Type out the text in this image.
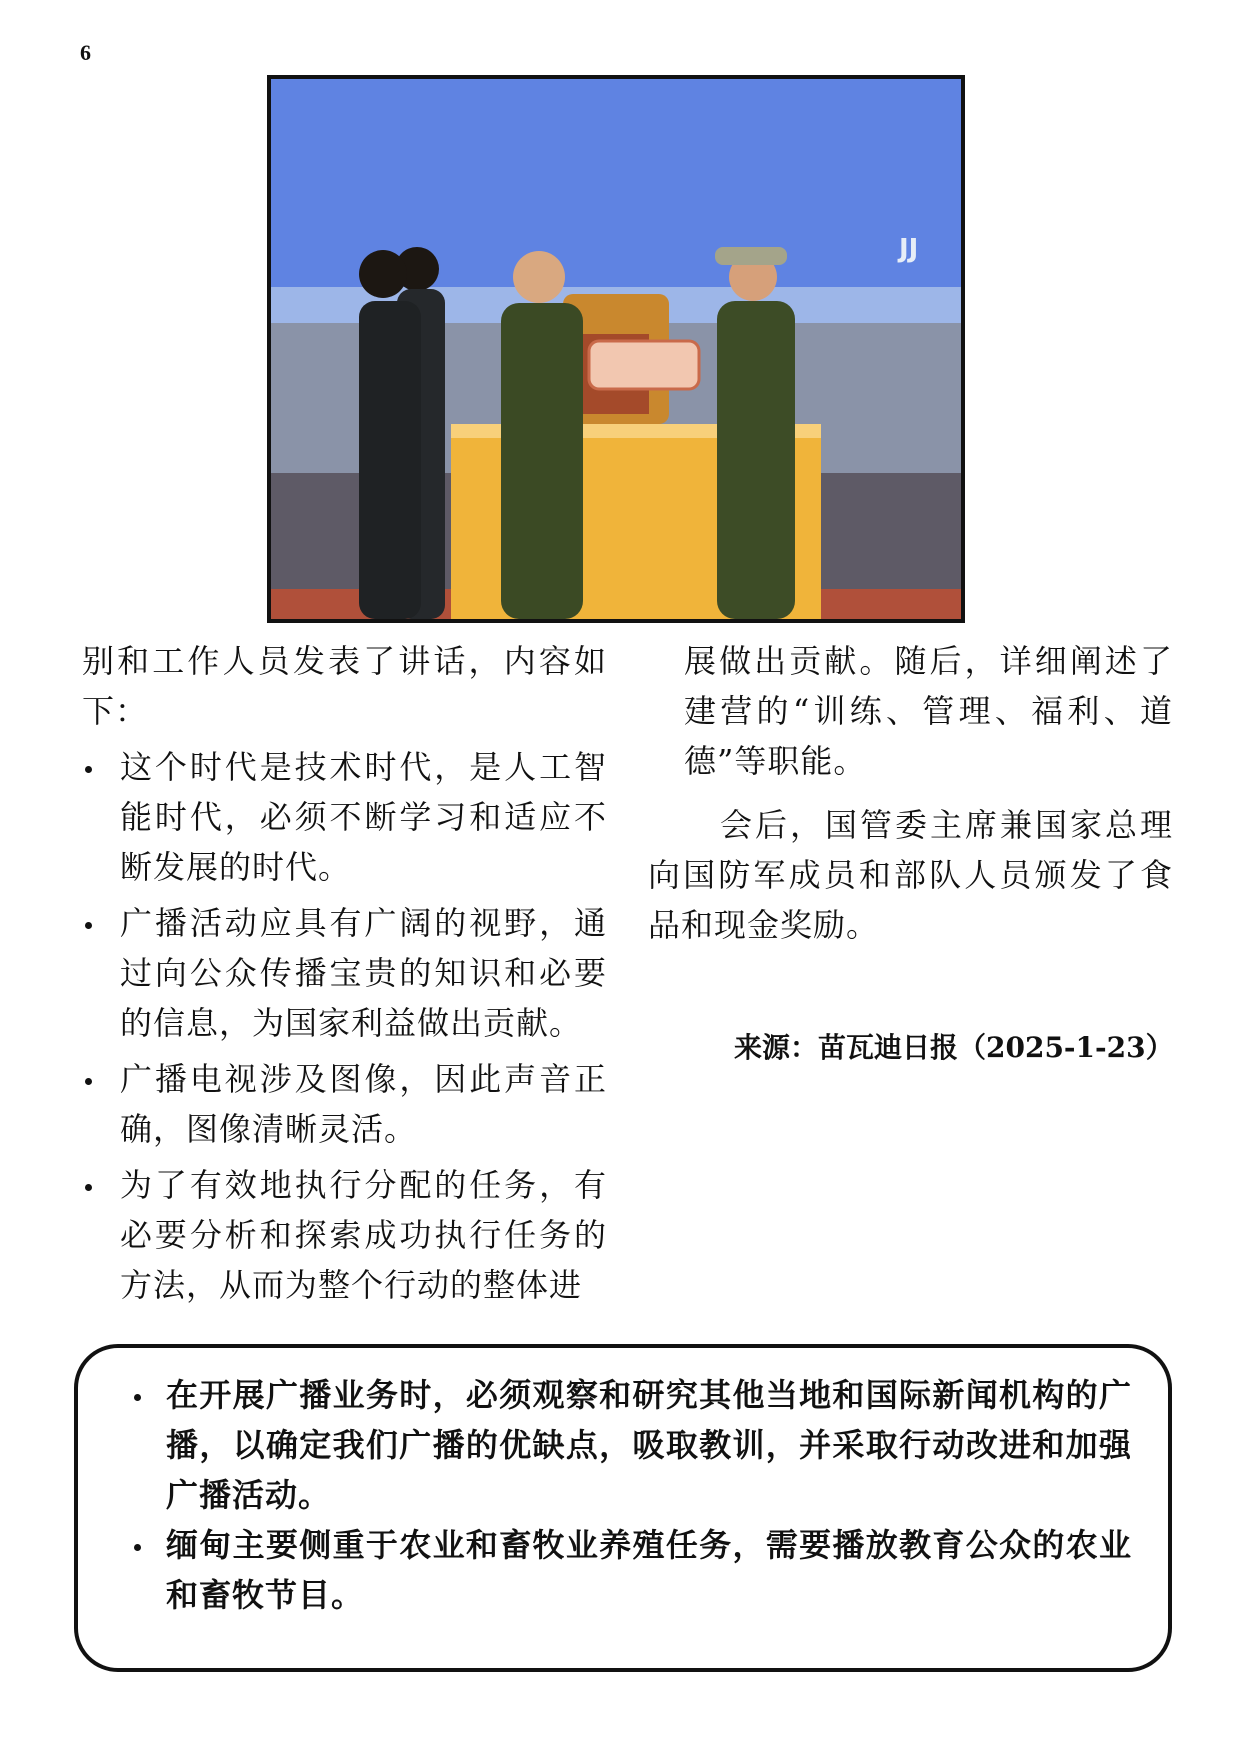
6
JJ

别和工作人员发表了讲话，内容如下：

这个时代是技术时代，是人工智能时代，必须不断学习和适应不断发展的时代。
广播活动应具有广阔的视野，通过向公众传播宝贵的知识和必要的信息，为国家利益做出贡献。
广播电视涉及图像，因此声音正确，图像清晰灵活。
为了有效地执行分配的任务，有必要分析和探索成功执行任务的方法，从而为整个行动的整体进

展做出贡献。随后，详细阐述了建营的“训练、管理、福利、道德”等职能。

会后，国管委主席兼国家总理向国防军成员和部队人员颁发了食品和现金奖励。

来源：苗瓦迪日报（2025-1-23）
在开展广播业务时，必须观察和研究其他当地和国际新闻机构的广播，以确定我们广播的优缺点，吸取教训，并采取行动改进和加强广播活动。
缅甸主要侧重于农业和畜牧业养殖任务，需要播放教育公众的农业和畜牧节目。
